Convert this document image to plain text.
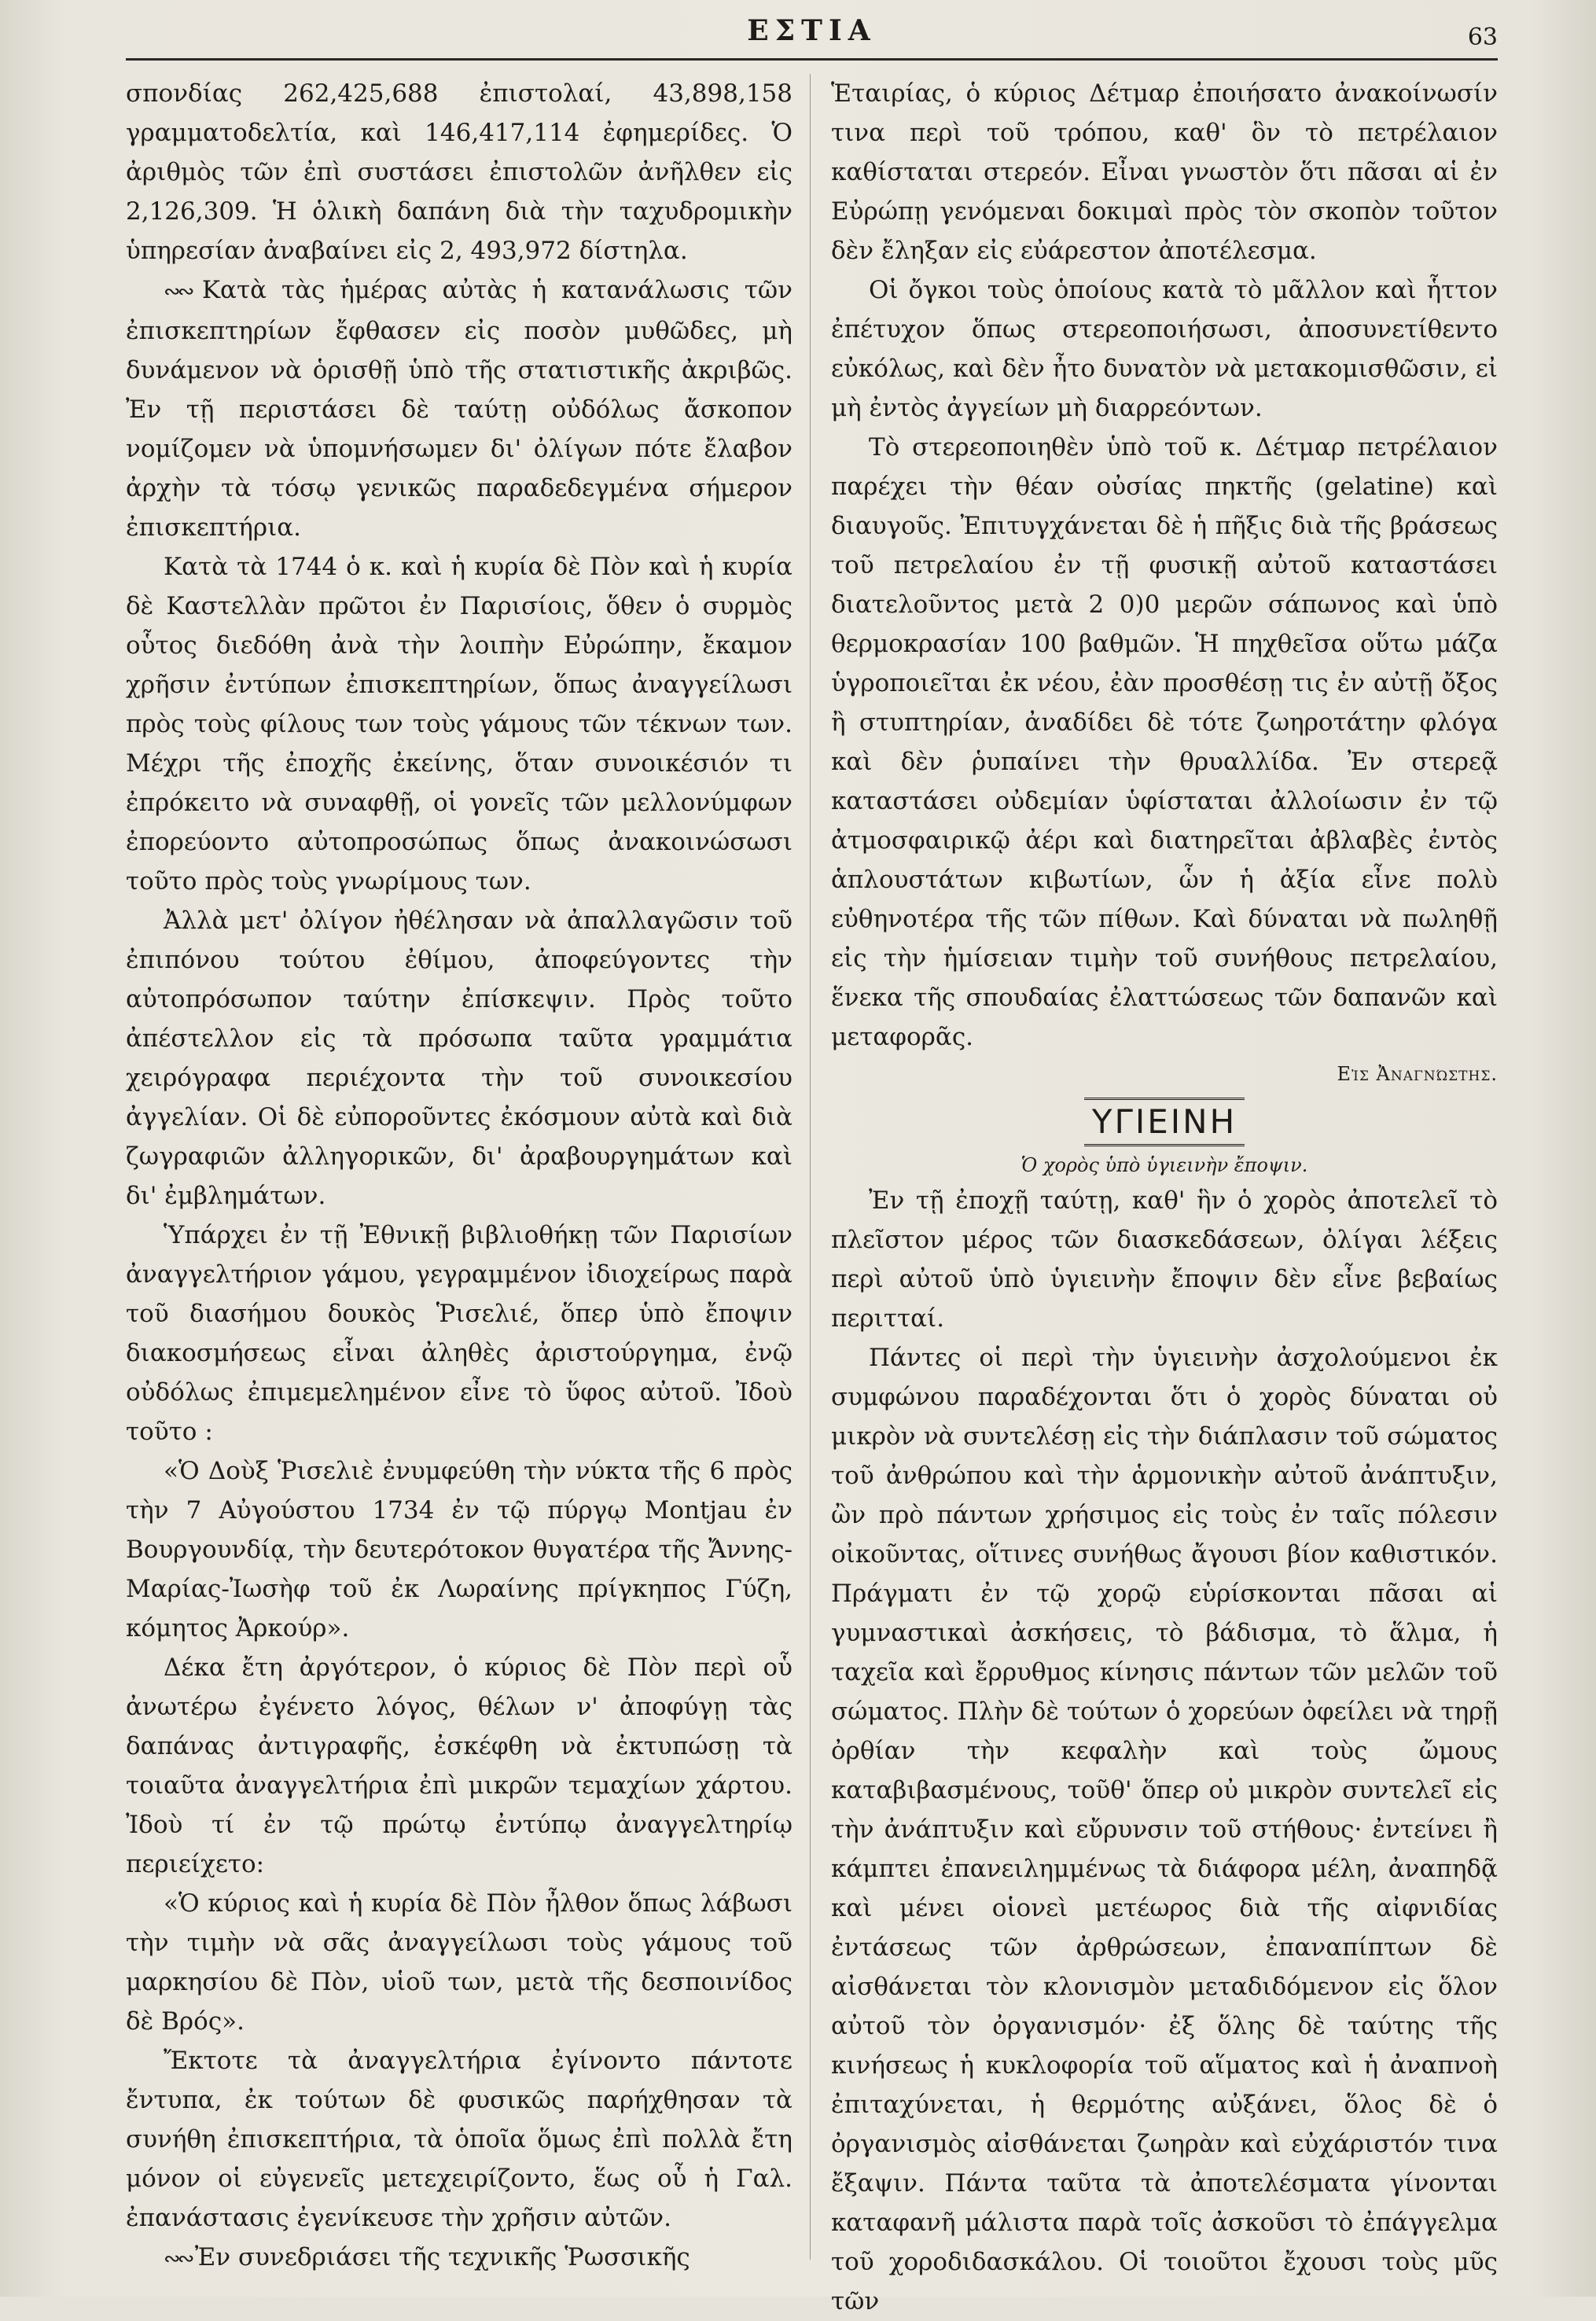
ΕΣΤΙΑ	63

σπονδίας 262,425,688 ἐπιστολαί, 43,898,158 γραμματοδελτία, καὶ 146,417,114 ἐφημερίδες. Ὁ ἀριθμὸς τῶν ἐπὶ συστάσει ἐπιστολῶν ἀνῆλθεν εἰς 2,126,309. Ἡ ὁλικὴ δαπάνη διὰ τὴν ταχυδρομικὴν ὑπηρεσίαν ἀναβαίνει εἰς 2, 493,972 δίστηλα.

∾∾ Κατὰ τὰς ἡμέρας αὐτὰς ἡ κατανάλωσις τῶν ἐπισκεπτηρίων ἔφθασεν εἰς ποσὸν μυθῶδες, μὴ δυνάμενον νὰ ὁρισθῇ ὑπὸ τῆς στατιστικῆς ἀκριβῶς. Ἐν τῇ περιστάσει δὲ ταύτῃ οὐδόλως ἄσκοπον νομίζομεν νὰ ὑπομνήσωμεν δι' ὀλίγων πότε ἔλαβον ἀρχὴν τὰ τόσῳ γενικῶς παραδεδεγμένα σήμερον ἐπισκεπτήρια.

Κατὰ τὰ 1744 ὁ κ. καὶ ἡ κυρία δὲ Πὸν καὶ ἡ κυρία δὲ Καστελλὰν πρῶτοι ἐν Παρισίοις, ὅθεν ὁ συρμὸς οὗτος διεδόθη ἀνὰ τὴν λοιπὴν Εὐρώπην, ἔκαμον χρῆσιν ἐντύπων ἐπισκεπτηρίων, ὅπως ἀναγγείλωσι πρὸς τοὺς φίλους των τοὺς γάμους τῶν τέκνων των. Μέχρι τῆς ἐποχῆς ἐκείνης, ὅταν συνοικέσιόν τι ἐπρόκειτο νὰ συναφθῇ, οἱ γονεῖς τῶν μελλονύμφων ἐπορεύοντο αὐτοπροσώπως ὅπως ἀνακοινώσωσι τοῦτο πρὸς τοὺς γνωρίμους των.

Ἀλλὰ μετ' ὀλίγον ἠθέλησαν νὰ ἀπαλλαγῶσιν τοῦ ἐπιπόνου τούτου ἐθίμου, ἀποφεύγοντες τὴν αὐτοπρόσωπον ταύτην ἐπίσκεψιν. Πρὸς τοῦτο ἀπέστελλον εἰς τὰ πρόσωπα ταῦτα γραμμάτια χειρόγραφα περιέχοντα τὴν τοῦ συνοικεσίου ἀγγελίαν. Οἱ δὲ εὐποροῦντες ἐκόσμουν αὐτὰ καὶ διὰ ζωγραφιῶν ἀλληγορικῶν, δι' ἀραβουργημάτων καὶ δι' ἐμβλημάτων.

Ὑπάρχει ἐν τῇ Ἐθνικῇ βιβλιοθήκῃ τῶν Παρισίων ἀναγγελτήριον γάμου, γεγραμμένον ἰδιοχείρως παρὰ τοῦ διασήμου δουκὸς Ῥισελιέ, ὅπερ ὑπὸ ἔποψιν διακοσμήσεως εἶναι ἀληθὲς ἀριστούργημα, ἐνῷ οὐδόλως ἐπιμεμελημένον εἶνε τὸ ὕφος αὐτοῦ. Ἰδοὺ τοῦτο :

«Ὁ Δοὺξ Ῥισελιὲ ἐνυμφεύθη τὴν νύκτα τῆς 6 πρὸς τὴν 7 Αὐγούστου 1734 ἐν τῷ πύργῳ Montjau ἐν Βουργουνδίᾳ, τὴν δευτερότοκον θυγατέρα τῆς Ἄννης-Μαρίας-Ἰωσὴφ τοῦ ἐκ Λωραίνης πρίγκηπος Γύζη, κόμητος Ἀρκούρ».

Δέκα ἔτη ἀργότερον, ὁ κύριος δὲ Πὸν περὶ οὗ ἀνωτέρω ἐγένετο λόγος, θέλων ν' ἀποφύγῃ τὰς δαπάνας ἀντιγραφῆς, ἐσκέφθη νὰ ἐκτυπώσῃ τὰ τοιαῦτα ἀναγγελτήρια ἐπὶ μικρῶν τεμαχίων χάρτου. Ἰδοὺ τί ἐν τῷ πρώτῳ ἐντύπῳ ἀναγγελτηρίῳ περιείχετο:

«Ὁ κύριος καὶ ἡ κυρία δὲ Πὸν ἦλθον ὅπως λάβωσι τὴν τιμὴν νὰ σᾶς ἀναγγείλωσι τοὺς γάμους τοῦ μαρκησίου δὲ Πὸν, υἱοῦ των, μετὰ τῆς δεσποινίδος δὲ Βρός».

Ἔκτοτε τὰ ἀναγγελτήρια ἐγίνοντο πάντοτε ἔντυπα, ἐκ τούτων δὲ φυσικῶς παρήχθησαν τὰ συνήθη ἐπισκεπτήρια, τὰ ὁποῖα ὅμως ἐπὶ πολλὰ ἔτη μόνον οἱ εὐγενεῖς μετεχειρίζοντο, ἕως οὗ ἡ Γαλ. ἐπανάστασις ἐγενίκευσε τὴν χρῆσιν αὐτῶν.

∾∾ Ἐν συνεδριάσει τῆς τεχνικῆς Ῥωσσικῆς

Ἑταιρίας, ὁ κύριος Δέτμαρ ἐποιήσατο ἀνακοίνωσίν τινα περὶ τοῦ τρόπου, καθ' ὃν τὸ πετρέλαιον καθίσταται στερεόν. Εἶναι γνωστὸν ὅτι πᾶσαι αἱ ἐν Εὐρώπῃ γενόμεναι δοκιμαὶ πρὸς τὸν σκοπὸν τοῦτον δὲν ἔληξαν εἰς εὐάρεστον ἀποτέλεσμα.

Οἱ ὄγκοι τοὺς ὁποίους κατὰ τὸ μᾶλλον καὶ ἧττον ἐπέτυχον ὅπως στερεοποιήσωσι, ἀποσυνετίθεντο εὐκόλως, καὶ δὲν ἦτο δυνατὸν νὰ μετακομισθῶσιν, εἰ μὴ ἐντὸς ἀγγείων μὴ διαρρεόντων.

Τὸ στερεοποιηθὲν ὑπὸ τοῦ κ. Δέτμαρ πετρέλαιον παρέχει τὴν θέαν οὐσίας πηκτῆς (gelatine) καὶ διαυγοῦς. Ἐπιτυγχάνεται δὲ ἡ πῆξις διὰ τῆς βράσεως τοῦ πετρελαίου ἐν τῇ φυσικῇ αὐτοῦ καταστάσει διατελοῦντος μετὰ 2 0)0 μερῶν σάπωνος καὶ ὑπὸ θερμοκρασίαν 100 βαθμῶν. Ἡ πηχθεῖσα οὕτω μάζα ὑγροποιεῖται ἐκ νέου, ἐὰν προσθέσῃ τις ἐν αὐτῇ ὄξος ἢ στυπτηρίαν, ἀναδίδει δὲ τότε ζωηροτάτην φλόγα καὶ δὲν ῥυπαίνει τὴν θρυαλλίδα. Ἐν στερεᾷ καταστάσει οὐδεμίαν ὑφίσταται ἀλλοίωσιν ἐν τῷ ἀτμοσφαιρικῷ ἀέρι καὶ διατηρεῖται ἀβλαβὲς ἐντὸς ἁπλουστάτων κιβωτίων, ὧν ἡ ἀξία εἶνε πολὺ εὐθηνοτέρα τῆς τῶν πίθων. Καὶ δύναται νὰ πωληθῇ εἰς τὴν ἡμίσειαν τιμὴν τοῦ συνήθους πετρελαίου, ἕνεκα τῆς σπουδαίας ἐλαττώσεως τῶν δαπανῶν καὶ μεταφορᾶς.

Εἰς Ἀναγνώστης.
ΥΓΙΕΙΝΗ
Ὁ χορὸς ὑπὸ ὑγιεινὴν ἔποψιν.

Ἐν τῇ ἐποχῇ ταύτῃ, καθ' ἣν ὁ χορὸς ἀποτελεῖ τὸ πλεῖστον μέρος τῶν διασκεδάσεων, ὀλίγαι λέξεις περὶ αὐτοῦ ὑπὸ ὑγιεινὴν ἔποψιν δὲν εἶνε βεβαίως περιτταί.

Πάντες οἱ περὶ τὴν ὑγιεινὴν ἀσχολούμενοι ἐκ συμφώνου παραδέχονται ὅτι ὁ χορὸς δύναται οὐ μικρὸν νὰ συντελέσῃ εἰς τὴν διάπλασιν τοῦ σώματος τοῦ ἀνθρώπου καὶ τὴν ἁρμονικὴν αὐτοῦ ἀνάπτυξιν, ὢν πρὸ πάντων χρήσιμος εἰς τοὺς ἐν ταῖς πόλεσιν οἰκοῦντας, οἵτινες συνήθως ἄγουσι βίον καθιστικόν. Πράγματι ἐν τῷ χορῷ εὑρίσκονται πᾶσαι αἱ γυμναστικαὶ ἀσκήσεις, τὸ βάδισμα, τὸ ἅλμα, ἡ ταχεῖα καὶ ἔρρυθμος κίνησις πάντων τῶν μελῶν τοῦ σώματος. Πλὴν δὲ τούτων ὁ χορεύων ὀφείλει νὰ τηρῇ ὀρθίαν τὴν κεφαλὴν καὶ τοὺς ὤμους καταβιβασμένους, τοῦθ' ὅπερ οὐ μικρὸν συντελεῖ εἰς τὴν ἀνάπτυξιν καὶ εὔρυνσιν τοῦ στήθους· ἐντείνει ἢ κάμπτει ἐπανειλημμένως τὰ διάφορα μέλη, ἀναπηδᾷ καὶ μένει οἱονεὶ μετέωρος διὰ τῆς αἰφνιδίας ἐντάσεως τῶν ἀρθρώσεων, ἐπαναπίπτων δὲ αἰσθάνεται τὸν κλονισμὸν μεταδιδόμενον εἰς ὅλον αὐτοῦ τὸν ὀργανισμόν· ἐξ ὅλης δὲ ταύτης τῆς κινήσεως ἡ κυκλοφορία τοῦ αἵματος καὶ ἡ ἀναπνοὴ ἐπιταχύνεται, ἡ θερμότης αὐξάνει, ὅλος δὲ ὁ ὀργανισμὸς αἰσθάνεται ζωηρὰν καὶ εὐχάριστόν τινα ἔξαψιν. Πάντα ταῦτα τὰ ἀποτελέσματα γίνονται καταφανῆ μάλιστα παρὰ τοῖς ἀσκοῦσι τὸ ἐπάγγελμα τοῦ χοροδιδασκάλου. Οἱ τοιοῦτοι ἔχουσι τοὺς μῦς τῶν
